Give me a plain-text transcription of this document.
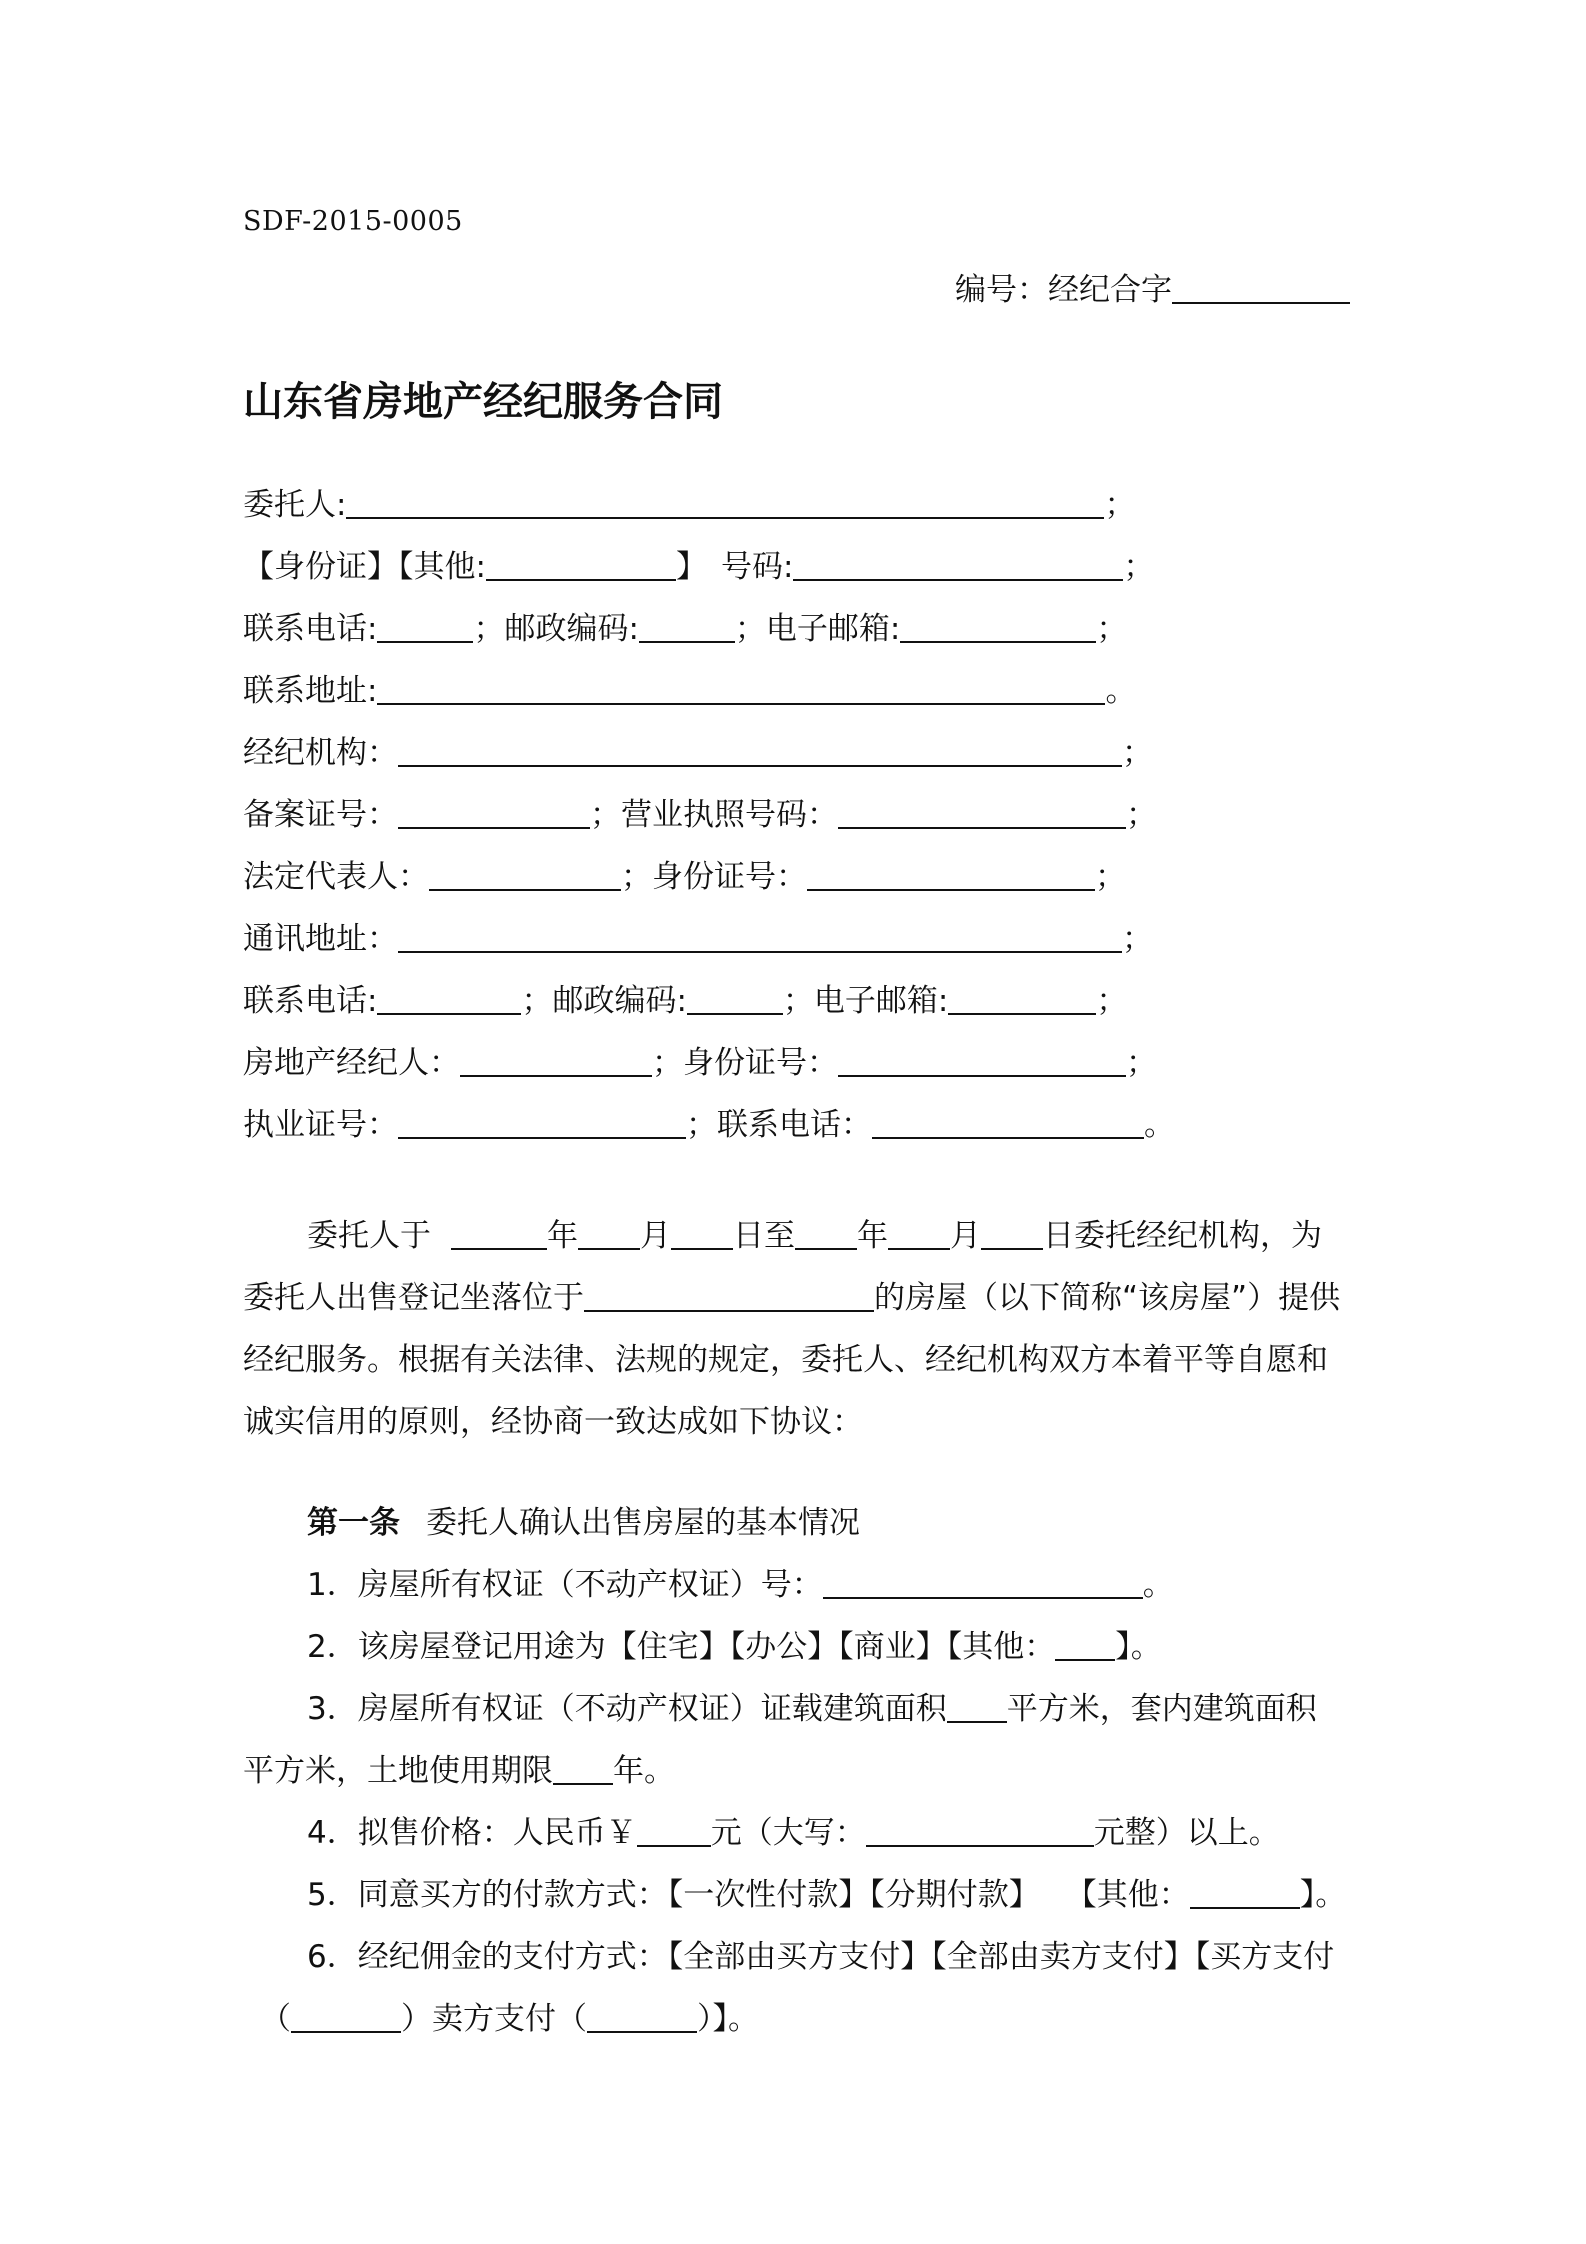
SDF-2015-0005
编号：经纪合字
山东省房地产经纪服务合同
委托人:	；
【身份证】【其他:	】 号码:	；
联系电话:	；邮政编码:	；电子邮箱:	；
联系地址:	。
经纪机构：	；
备案证号：	；营业执照号码：	；
法定代表人：	；身份证号：	；
通讯地址：	；
联系电话:	；邮政编码:	；电子邮箱:	；
房地产经纪人：	；身份证号：	；
执业证号：	；联系电话：	。
委托人于	年 月 日至 年 月 日委托经纪机构，为
委托人出售登记坐落位于	的房屋（以下简称“该房屋”）提供
经纪服务。根据有关法律、法规的规定，委托人、经纪机构双方本着平等自愿和
诚实信用的原则，经协商一致达成如下协议：
第一条 委托人确认出售房屋的基本情况
1．房屋所有权证（不动产权证）号：	。
2．该房屋登记用途为【住宅】【办公】【商业】【其他： 】。
3．房屋所有权证（不动产权证）证载建筑面积 平方米，套内建筑面积
平方米，土地使用期限 年。
4．拟售价格：人民币￥ 元（大写：	元整）以上。
5．同意买方的付款方式：【一次性付款】【分期付款】 【其他：	】。
6．经纪佣金的支付方式：【全部由买方支付】【全部由卖方支付】【买方支付
（	）卖方支付（	）】。
